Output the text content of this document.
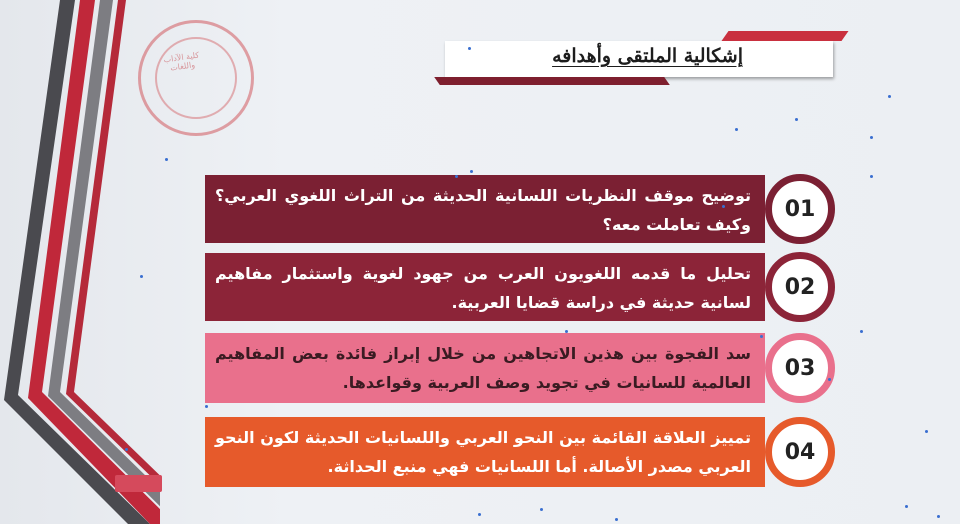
كلية الآداب واللغات	إشكالية الملتقى وأهدافه
توضيح موقف النظريات اللسانية الحديثة من التراث اللغوي العربي؟ وكيف تعاملت معه؟
01
تحليل ما قدمه اللغويون العرب من جهود لغوية واستثمار مفاهيم لسانية حديثة في دراسة قضايا العربية.
02
سد الفجوة بين هذين الاتجاهين من خلال إبراز فائدة بعض المفاهيم العالمية للسانيات في تجويد وصف العربية وقواعدها.
03
تمييز العلاقة القائمة بين النحو العربي واللسانيات الحديثة لكون النحو العربي مصدر الأصالة. أما اللسانيات فهي منبع الحداثة.
04
